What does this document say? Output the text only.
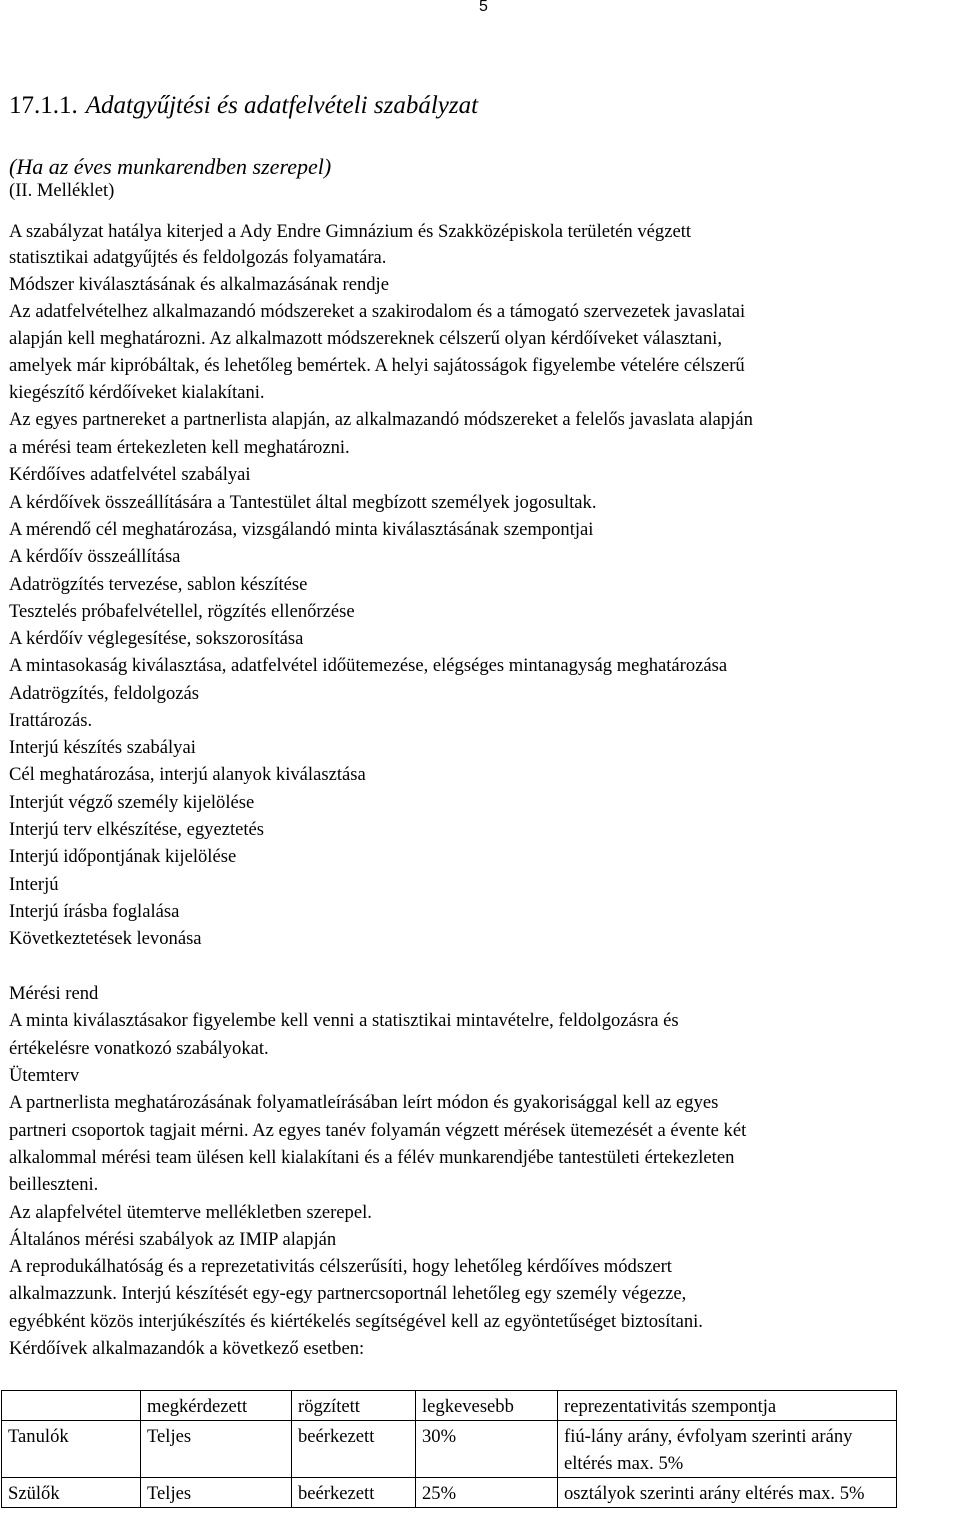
5
17.1.1. Adatgyűjtési és adatfelvételi szabályzat
(Ha az éves munkarendben szerepel)
(II. Melléklet)
A szabályzat hatálya kiterjed a Ady Endre Gimnázium és Szakközépiskola területén végzett
statisztikai adatgyűjtés és feldolgozás folyamatára.
Módszer kiválasztásának és alkalmazásának rendje
Az adatfelvételhez alkalmazandó módszereket a szakirodalom és a támogató szervezetek javaslatai
alapján kell meghatározni. Az alkalmazott módszereknek célszerű olyan kérdőíveket választani,
amelyek már kipróbáltak, és lehetőleg bemértek. A helyi sajátosságok figyelembe vételére célszerű
kiegészítő kérdőíveket kialakítani.
Az egyes partnereket a partnerlista alapján, az alkalmazandó módszereket a felelős javaslata alapján
a mérési team értekezleten kell meghatározni.
Kérdőíves adatfelvétel szabályai
A kérdőívek összeállítására a Tantestület által megbízott személyek jogosultak.
A mérendő cél meghatározása, vizsgálandó minta kiválasztásának szempontjai
A kérdőív összeállítása
Adatrögzítés tervezése, sablon készítése
Tesztelés próbafelvétellel, rögzítés ellenőrzése
A kérdőív véglegesítése, sokszorosítása
A mintasokaság kiválasztása, adatfelvétel időütemezése, elégséges mintanagyság meghatározása
Adatrögzítés, feldolgozás
Irattározás.
Interjú készítés szabályai
Cél meghatározása, interjú alanyok kiválasztása
Interjút végző személy kijelölése
Interjú terv elkészítése, egyeztetés
Interjú időpontjának kijelölése
Interjú
Interjú írásba foglalása
Következtetések levonása
Mérési rend
A minta kiválasztásakor figyelembe kell venni a statisztikai mintavételre, feldolgozásra és
értékelésre vonatkozó szabályokat.
Ütemterv
A partnerlista meghatározásának folyamatleírásában leírt módon és gyakorisággal kell az egyes
partneri csoportok tagjait mérni. Az egyes tanév folyamán végzett mérések ütemezését a évente két
alkalommal mérési team ülésen kell kialakítani és a félév munkarendjébe tantestületi értekezleten
beilleszteni.
Az alapfelvétel ütemterve mellékletben szerepel.
Általános mérési szabályok az IMIP alapján
A reprodukálhatóság és a reprezetativitás célszerűsíti, hogy lehetőleg kérdőíves módszert
alkalmazzunk. Interjú készítését egy-egy partnercsoportnál lehetőleg egy személy végezze,
egyébként közös interjúkészítés és kiértékelés segítségével kell az egyöntetűséget biztosítani.
Kérdőívek alkalmazandók a következő esetben:
	megkérdezett	rögzített	legkevesebb	reprezentativitás szempontja
Tanulók	Teljes	beérkezett	30%	fiú-lány arány, évfolyam szerinti arány eltérés max. 5%
Szülők	Teljes	beérkezett	25%	osztályok szerinti arány eltérés max. 5%
